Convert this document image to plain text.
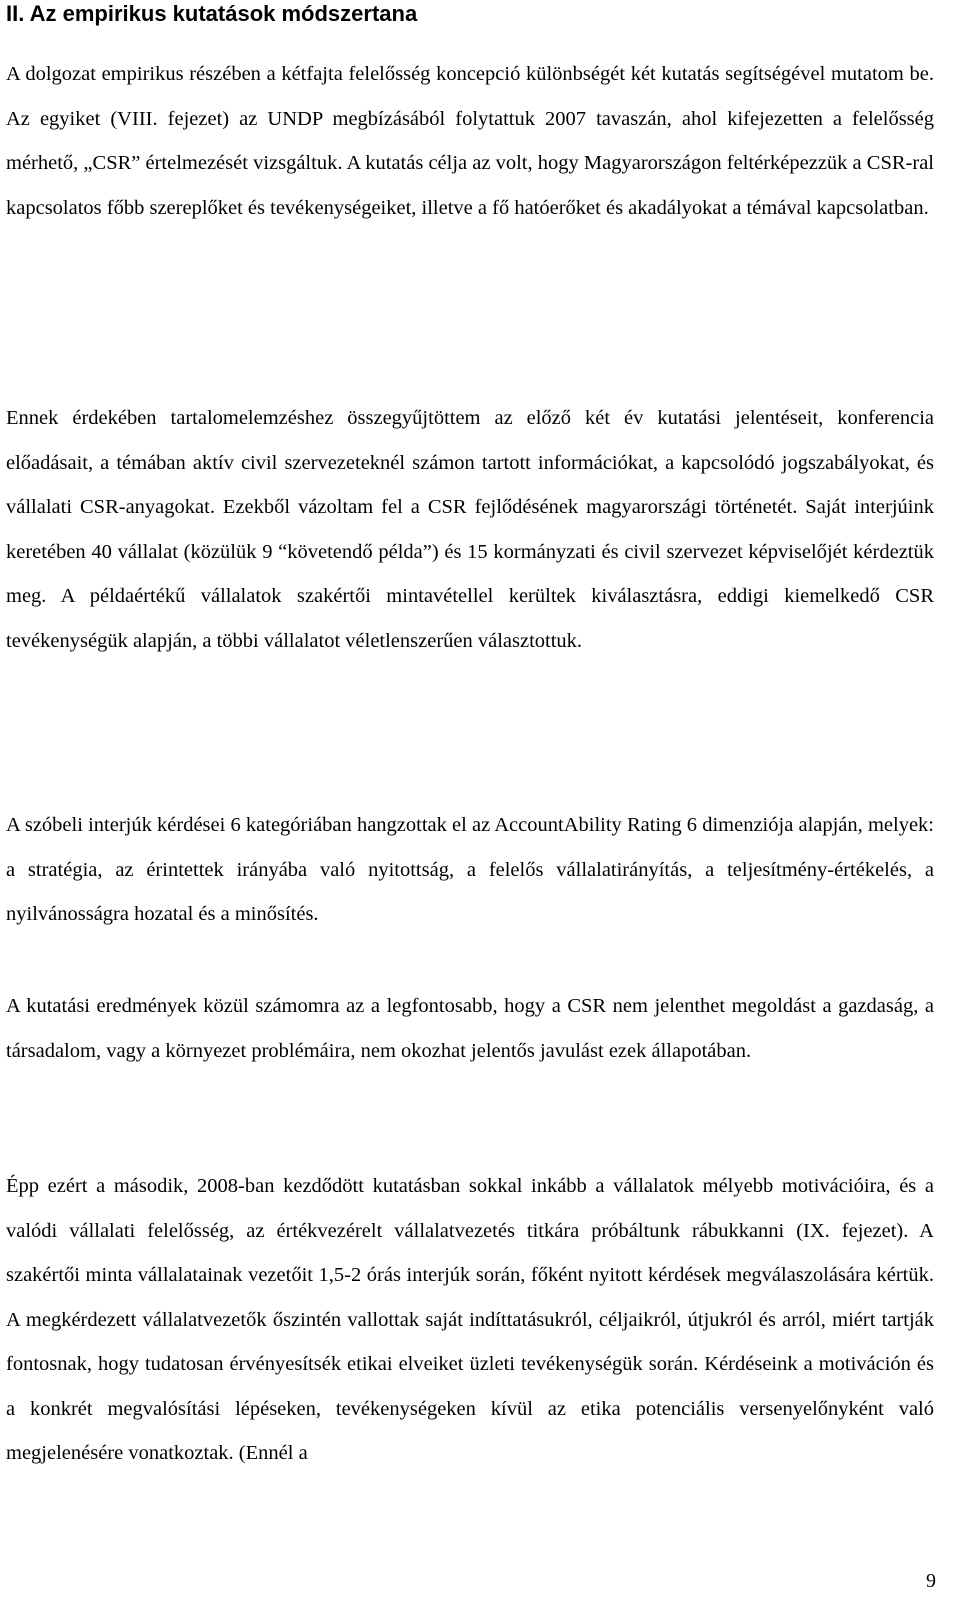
II. Az empirikus kutatások módszertana

A dolgozat empirikus részében a kétfajta felelősség koncepció különbségét két kutatás segítségével mutatom be. Az egyiket (VIII. fejezet) az UNDP megbízásából folytattuk 2007 tavaszán, ahol kifejezetten a felelősség mérhető, „CSR” értelmezését vizsgáltuk. A kutatás célja az volt, hogy Magyarországon feltérképezzük a CSR-ral kapcsolatos főbb szereplőket és tevékenységeiket, illetve a fő hatóerőket és akadályokat a témával kapcsolatban.

Ennek érdekében tartalomelemzéshez összegyűjtöttem az előző két év kutatási jelentéseit, konferencia előadásait, a témában aktív civil szervezeteknél számon tartott információkat, a kapcsolódó jogszabályokat, és vállalati CSR-anyagokat. Ezekből vázoltam fel a CSR fejlődésének magyarországi történetét. Saját interjúink keretében 40 vállalat (közülük 9 “követendő példa”) és 15 kormányzati és civil szervezet képviselőjét kérdeztük meg. A példaértékű vállalatok szakértői mintavétellel kerültek kiválasztásra, eddigi kiemelkedő CSR tevékenységük alapján, a többi vállalatot véletlenszerűen választottuk.

A szóbeli interjúk kérdései 6 kategóriában hangzottak el az AccountAbility Rating 6 dimenziója alapján, melyek: a stratégia, az érintettek irányába való nyitottság, a felelős vállalatirányítás, a teljesítmény-értékelés, a nyilvánosságra hozatal és a minősítés.

A kutatási eredmények közül számomra az a legfontosabb, hogy a CSR nem jelenthet megoldást a gazdaság, a társadalom, vagy a környezet problémáira, nem okozhat jelentős javulást ezek állapotában.

Épp ezért a második, 2008-ban kezdődött kutatásban sokkal inkább a vállalatok mélyebb motivációira, és a valódi vállalati felelősség, az értékvezérelt vállalatvezetés titkára próbáltunk rábukkanni (IX. fejezet). A szakértői minta vállalatainak vezetőit 1,5-2 órás interjúk során, főként nyitott kérdések megválaszolására kértük. A megkérdezett vállalatvezetők őszintén vallottak saját indíttatásukról, céljaikról, útjukról és arról, miért tartják fontosnak, hogy tudatosan érvényesítsék etikai elveiket üzleti tevékenységük során. Kérdéseink a motiváción és a konkrét megvalósítási lépéseken, tevékenységeken kívül az etika potenciális versenyelőnyként való megjelenésére vonatkoztak. (Ennél a

9
